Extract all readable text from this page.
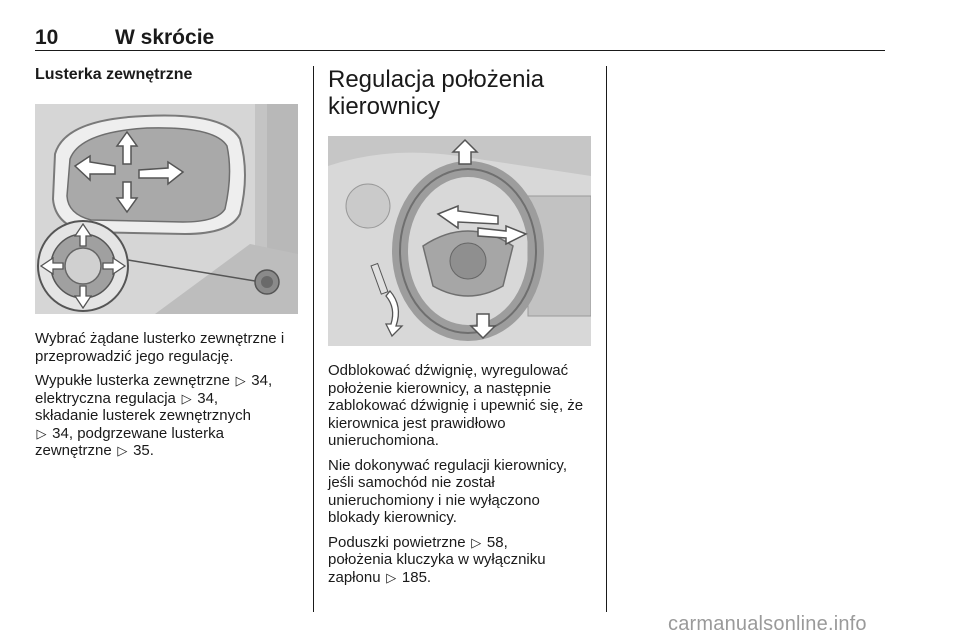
10	W skrócie
Lusterka zewnętrzne

Wybrać żądane lusterko zewnętrzne i przeprowadzić jego regulację.

Wypukłe lusterka zewnętrzne ▷ 34,
elektryczna regulacja ▷ 34,
składanie lusterek zewnętrznych
▷ 34, podgrzewane lusterka
zewnętrzne ▷ 35.

Regulacja położenia
kierownicy

Odblokować dźwignię, wyregulować położenie kierownicy, a następnie zablokować dźwignię i upewnić się, że kierownica jest prawidłowo unieruchomiona.

Nie dokonywać regulacji kierownicy, jeśli samochód nie został unieruchomiony i nie wyłączono blokady kierownicy.

Poduszki powietrzne ▷ 58,
położenia kluczyka w wyłączniku
zapłonu ▷ 185.

carmanualsonline.info
